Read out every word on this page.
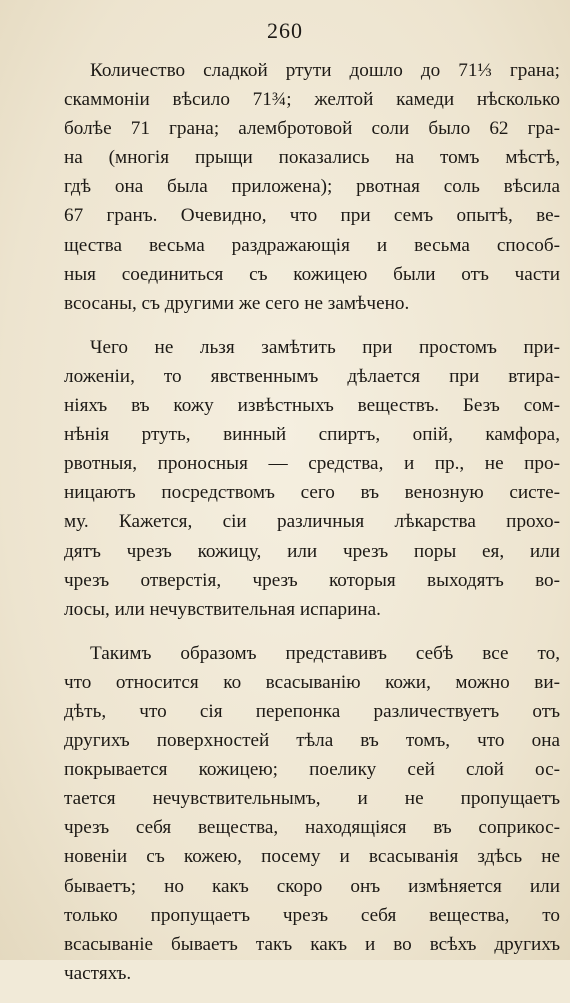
260
Количество сладкой ртути дошло до 71⅓ грана;
скаммоніи вѣсило 71¾; желтой камеди нѣсколько
болѣе 71 грана; алембротовой соли было 62 гра-
на (многія прыщи показались на томъ мѣстѣ,
гдѣ она была приложена); рвотная соль вѣсила
67 гранъ. Очевидно, что при семъ опытѣ, ве-
щества весьма раздражающія и весьма способ-
ныя соединиться съ кожицею были отъ части
всосаны, съ другими же сего не замѣчено.
Чего не льзя замѣтить при простомъ при-
ложеніи, то явственнымъ дѣлается при втира-
ніяхъ въ кожу извѣстныхъ веществъ. Безъ сом-
нѣнія ртуть, винный спиртъ, опій, камфора,
рвотныя, проносныя — средства, и пр., не про-
ницаютъ посредствомъ сего въ венозную систе-
му. Кажется, сіи различныя лѣкарства прохо-
дятъ чрезъ кожицу, или чрезъ поры ея, или
чрезъ отверстія, чрезъ которыя выходятъ во-
лосы, или нечувствительная испарина.
Такимъ образомъ представивъ себѣ все то,
что относится ко всасыванію кожи, можно ви-
дѣть, что сія перепонка различествуетъ отъ
другихъ поверхностей тѣла въ томъ, что она
покрывается кожицею; поелику сей слой ос-
тается нечувствительнымъ, и не пропущаетъ
чрезъ себя вещества, находящіяся въ соприкос-
новеніи съ кожею, посему и всасыванія здѣсь не
бываетъ; но какъ скоро онъ измѣняется или
только пропущаетъ чрезъ себя вещества, то
всасываніе бываетъ такъ какъ и во всѣхъ другихъ
частяхъ.
